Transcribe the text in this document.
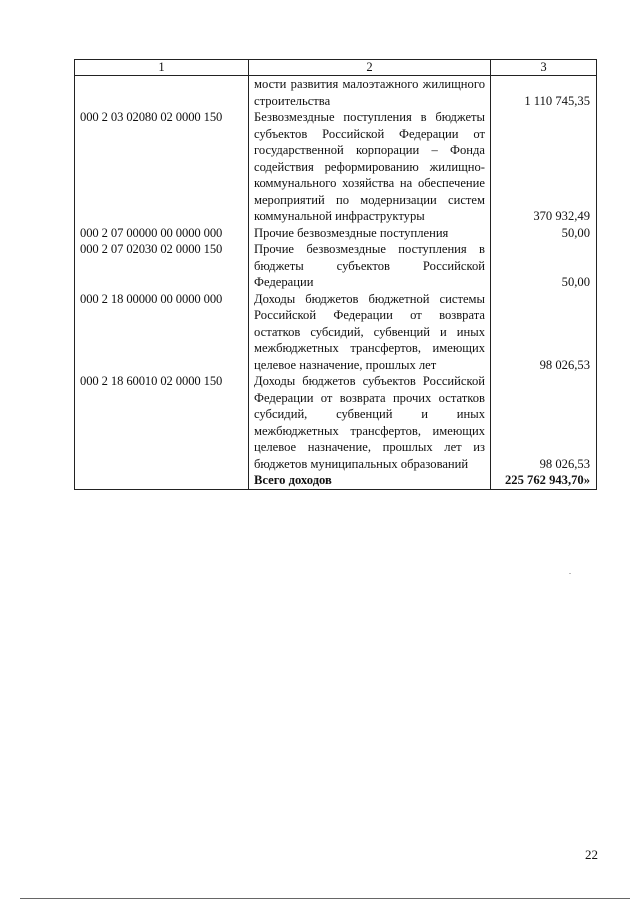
1	2	3
	мости развития малоэтажного жилищного строительства	1 110 745,35
000 2 03 02080 02 0000 150	Безвозмездные поступления в бюджеты субъектов Российской Федерации от государственной корпорации – Фонда содействия реформированию жилищно-коммунального хозяйства на обеспечение мероприятий по модернизации систем коммунальной инфраструктуры	370 932,49
000 2 07 00000 00 0000 000	Прочие безвозмездные поступления	50,00
000 2 07 02030 02 0000 150	Прочие безвозмездные поступления в бюджеты субъектов Российской Федерации	50,00
000 2 18 00000 00 0000 000	Доходы бюджетов бюджетной системы Российской Федерации от возврата остатков субсидий, субвенций и иных межбюджетных трансфертов, имеющих целевое назначение, прошлых лет	98 026,53
000 2 18 60010 02 0000 150	Доходы бюджетов субъектов Российской Федерации от возврата прочих остатков субсидий, субвенций и иных межбюджетных трансфертов, имеющих целевое назначение, прошлых лет из бюджетов муниципальных образований	98 026,53
	Всего доходов	225 762 943,70»
22
